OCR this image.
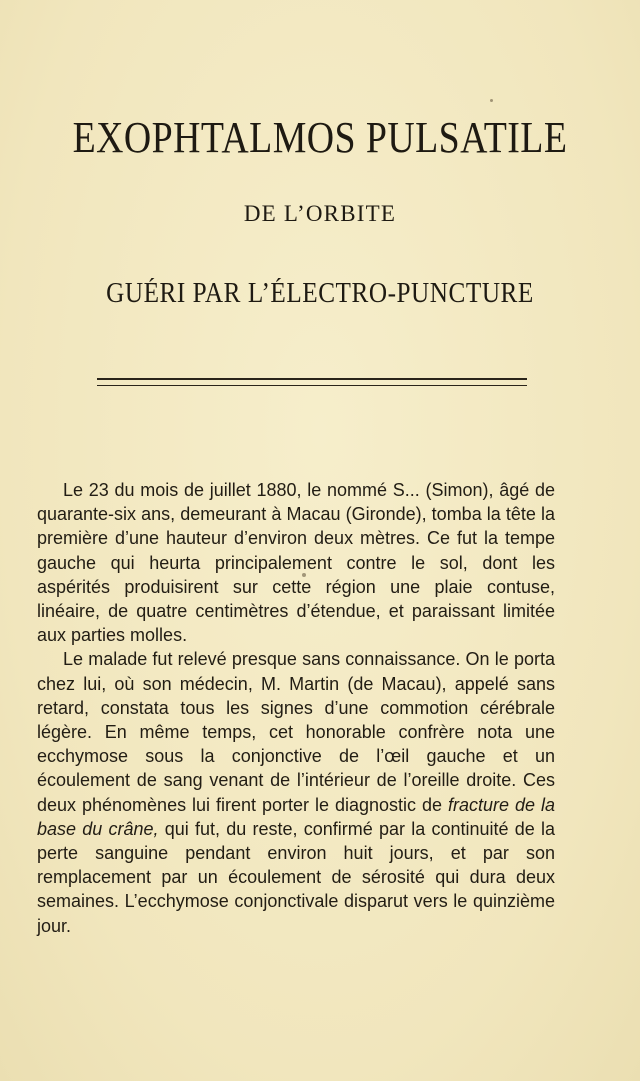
EXOPHTALMOS PULSATILE
DE L’ORBITE
GUÉRI PAR L’ÉLECTRO-PUNCTURE

Le 23 du mois de juillet 1880, le nommé S... (Simon), âgé de quarante-six ans, demeurant à Macau (Gironde), tomba la tête la première d’une hauteur d’environ deux mètres. Ce fut la tempe gauche qui heurta principalement contre le sol, dont les aspérités produisirent sur cette région une plaie contuse, linéaire, de quatre centimètres d’étendue, et paraissant limitée aux parties molles.

Le malade fut relevé presque sans connaissance. On le porta chez lui, où son médecin, M. Martin (de Macau), appelé sans retard, constata tous les signes d’une commotion cérébrale légère. En même temps, cet honorable confrère nota une ecchymose sous la conjonctive de l’œil gauche et un écoulement de sang venant de l’intérieur de l’oreille droite. Ces deux phénomènes lui firent porter le diagnostic de fracture de la base du crâne, qui fut, du reste, confirmé par la continuité de la perte sanguine pendant environ huit jours, et par son remplacement par un écoulement de sérosité qui dura deux semaines. L’ecchymose conjonctivale disparut vers le quinzième jour.
